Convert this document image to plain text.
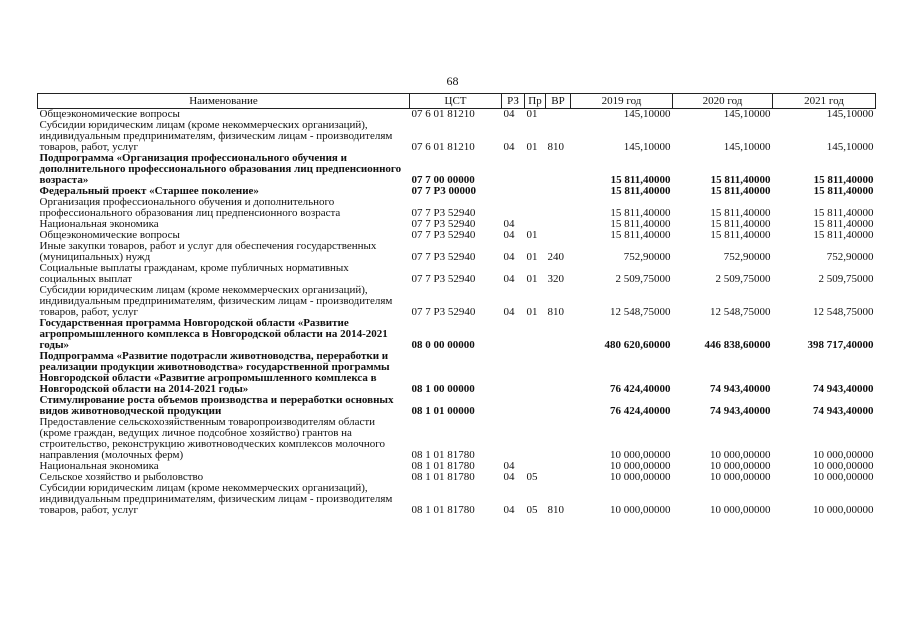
68
Наименование	ЦСТ	РЗ	Пр	ВР	2019 год	2020 год	2021 год
Общеэкономические вопросы	07 6 01 81210	04	01		145,10000	145,10000	145,10000
Субсидии юридическим лицам (кроме некоммерческих организаций), индивидуальным предпринимателям, физическим лицам - производителям товаров, работ, услуг	07 6 01 81210	04	01	810	145,10000	145,10000	145,10000
Подпрограмма «Организация профессионального обучения и дополнительного профессионального образования лиц предпенсионного возраста»	07 7 00 00000				15 811,40000	15 811,40000	15 811,40000
Федеральный проект «Старшее поколение»	07 7 P3 00000				15 811,40000	15 811,40000	15 811,40000
Организация профессионального обучения и дополнительного профессионального образования лиц предпенсионного возраста	07 7 P3 52940				15 811,40000	15 811,40000	15 811,40000
Национальная экономика	07 7 P3 52940	04			15 811,40000	15 811,40000	15 811,40000
Общеэкономические вопросы	07 7 P3 52940	04	01		15 811,40000	15 811,40000	15 811,40000
Иные закупки товаров, работ и услуг для обеспечения государственных (муниципальных) нужд	07 7 P3 52940	04	01	240	752,90000	752,90000	752,90000
Социальные выплаты гражданам, кроме публичных нормативных социальных выплат	07 7 P3 52940	04	01	320	2 509,75000	2 509,75000	2 509,75000
Субсидии юридическим лицам (кроме некоммерческих организаций), индивидуальным предпринимателям, физическим лицам - производителям товаров, работ, услуг	07 7 P3 52940	04	01	810	12 548,75000	12 548,75000	12 548,75000
Государственная программа Новгородской области «Развитие агропромышленного комплекса в Новгородской области на 2014-2021 годы»	08 0 00 00000				480 620,60000	446 838,60000	398 717,40000
Подпрограмма «Развитие подотрасли животноводства, переработки и реализации продукции животноводства» государственной программы Новгородской области «Развитие агропромышленного комплекса в Новгородской области на 2014-2021 годы»	08 1 00 00000				76 424,40000	74 943,40000	74 943,40000
Стимулирование роста объемов производства и переработки основных видов животноводческой продукции	08 1 01 00000				76 424,40000	74 943,40000	74 943,40000
Предоставление сельскохозяйственным товаропроизводителям области (кроме граждан, ведущих личное подсобное хозяйство) грантов на строительство, реконструкцию животноводческих комплексов молочного направления (молочных ферм)	08 1 01 81780				10 000,00000	10 000,00000	10 000,00000
Национальная экономика	08 1 01 81780	04			10 000,00000	10 000,00000	10 000,00000
Сельское хозяйство и рыболовство	08 1 01 81780	04	05		10 000,00000	10 000,00000	10 000,00000
Субсидии юридическим лицам (кроме некоммерческих организаций), индивидуальным предпринимателям, физическим лицам - производителям товаров, работ, услуг	08 1 01 81780	04	05	810	10 000,00000	10 000,00000	10 000,00000
